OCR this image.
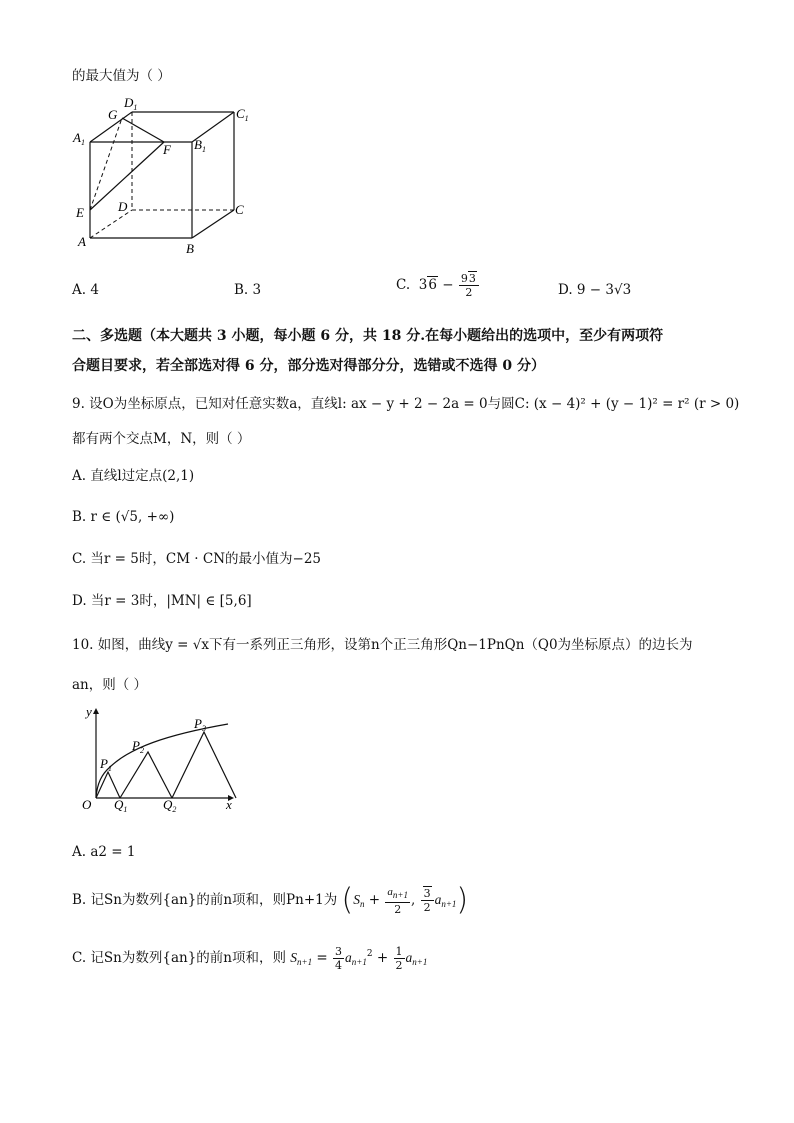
的最大值为（ ）
$D_1$	$C_1$
G
$A_1$	F $B_1$
E	D	C
A	B
A. 4	B. 3	C.  $36 - \frac{93}{2}$	D. 9 − 3√3
二、多选题（本大题共 3 小题，每小题 6 分，共 18 分.在每小题给出的选项中，至少有两项符
合题目要求，若全部选对得 6 分，部分选对得部分分，选错或不选得 0 分）
9. 设O为坐标原点，已知对任意实数a，直线l: ax − y + 2 − 2a = 0与圆C: (x − 4)² + (y − 1)² = r² (r > 0)
都有两个交点M，N，则（ ）
A. 直线l过定点(2,1)
B. r ∈ (√5, +∞)
C. 当r = 5时，CM · CN的最小值为−25
D. 当r = 3时，|MN| ∈ [5,6]
10. 如图，曲线y = √x下有一系列正三角形，设第n个正三角形Qn−1PnQn（Q0为坐标原点）的边长为
an，则（ ）
y
$P_3$
$P_2$
$P_1$
O $Q_1$	$Q_2$	x
A. a2 = 1
B. 记Sn为数列{an}的前n项和，则Pn+1为 ($S_n + \frac{a_{n+1}}{2}$ , $\frac{3}{2} a_{n+1}$)
C. 记Sn为数列{an}的前n项和，则 $S_{n+1} = \frac{3}{4} a_{n+1}^2 + \frac{1}{2} a_{n+1}$
